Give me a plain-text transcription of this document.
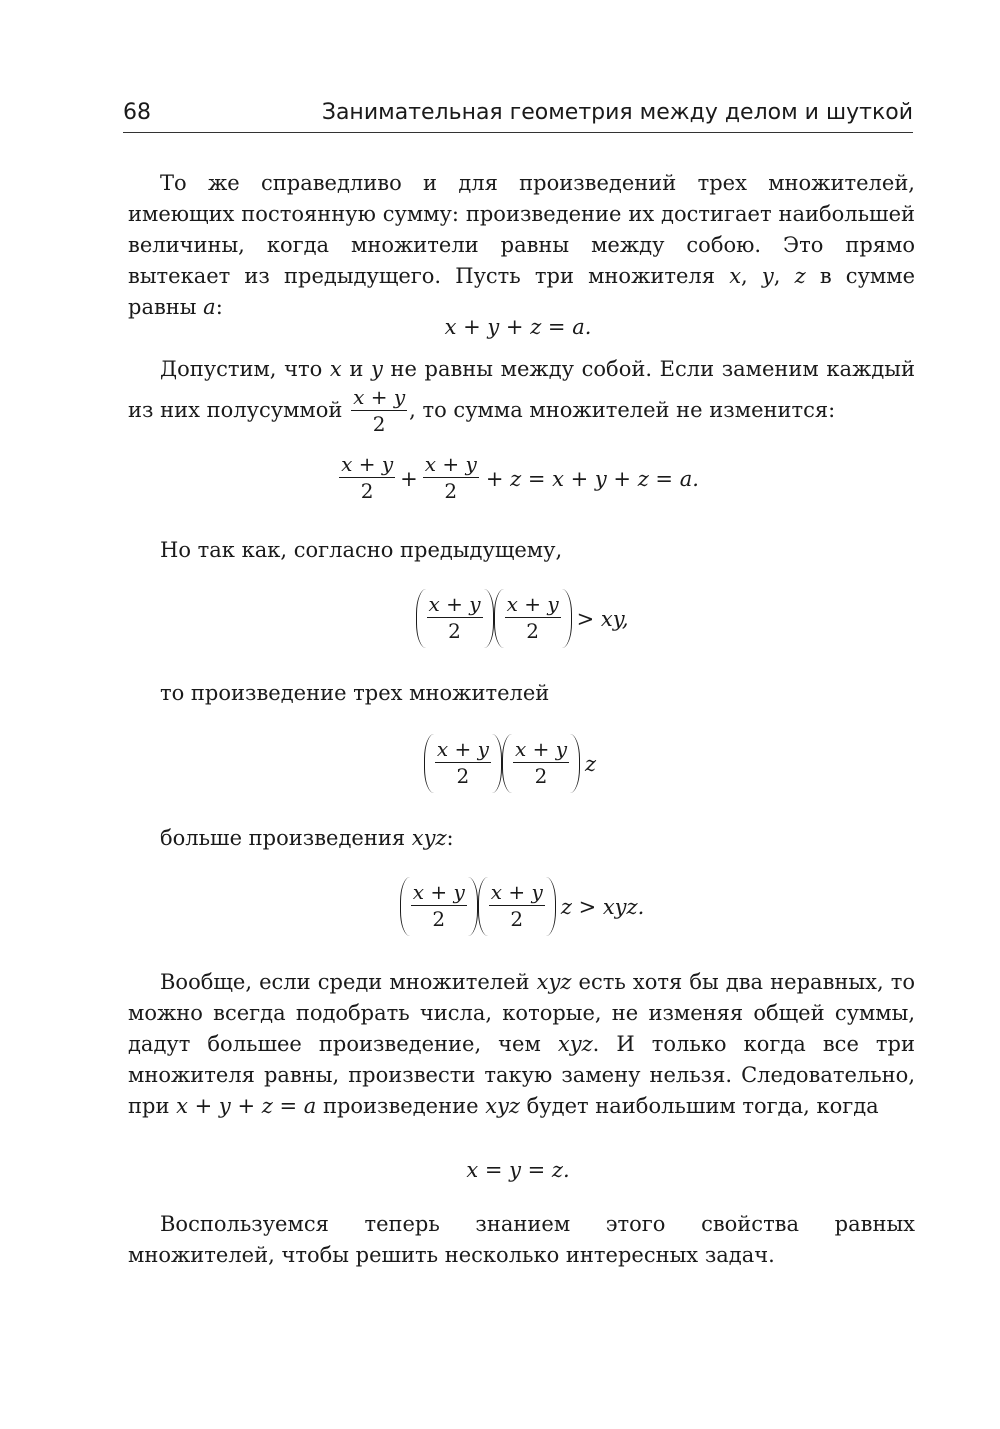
68	Занимательная геометрия между делом и шуткой

То же справедливо и для произведений трех множителей, имеющих постоянную сумму: произведение их достигает наибольшей величины, когда множители равны между собою. Это прямо вытекает из предыдущего. Пусть три множителя x, y, z в сумме равны a:

x + y + z = a.

Допустим, что x и y не равны между собой. Если заменим каждый из них полусуммой $\frac{x + y}{2}$ , то сумма множителей не изменится:

$\frac{x + y}{2} + \frac{x + y}{2} + z = x + y + z = a$.

Но так как, согласно предыдущему,

$\frac{x + y}{2} \frac{x + y}{2}$ > xy,

то произведение трех множителей

$\frac{x + y}{2} \frac{x + y}{2}$ z

больше произведения xyz:

$\frac{x + y}{2} \frac{x + y}{2}$ z > xyz.

Вообще, если среди множителей xyz есть хотя бы два неравных, то можно всегда подобрать числа, которые, не изменяя общей суммы, дадут большее произведение, чем xyz. И только когда все три множителя равны, произвести такую замену нельзя. Следовательно, при x + y + z = a произведение xyz будет наибольшим тогда, когда

x = y = z.

Воспользуемся теперь знанием этого свойства равных множителей, чтобы решить несколько интересных задач.
